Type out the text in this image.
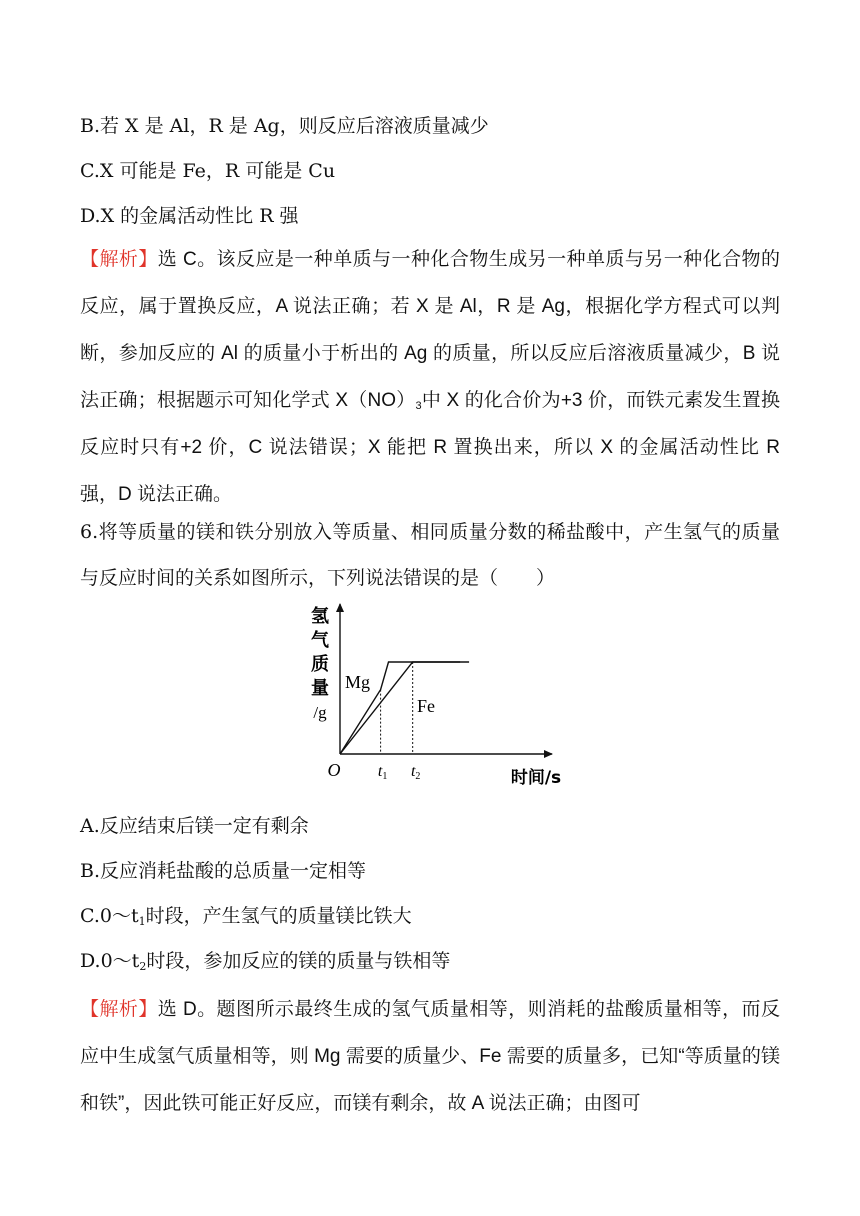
B.若 X 是 Al，R 是 Ag，则反应后溶液质量减少
C.X 可能是 Fe，R 可能是 Cu
D.X 的金属活动性比 R 强
【解析】选 C。该反应是一种单质与一种化合物生成另一种单质与另一种化合物的反应，属于置换反应，A 说法正确；若 X 是 Al，R 是 Ag，根据化学方程式可以判断，参加反应的 Al 的质量小于析出的 Ag 的质量，所以反应后溶液质量减少，B 说法正确；根据题示可知化学式 $X(NO)_3$中 X 的化合价为+3 价，而铁元素发生置换反应时只有+2 价，C 说法错误；X 能把 R 置换出来，所以 X 的金属活动性比 R 强，D 说法正确。
6.将等质量的镁和铁分别放入等质量、相同质量分数的稀盐酸中，产生氢气的质量与反应时间的关系如图所示，下列说法错误的是（　　）
氢
气
质
量
/g
O t1 t2	时间/s
Mg
Fe
A.反应结束后镁一定有剩余
B.反应消耗盐酸的总质量一定相等
$C.0\sim t_1$时段，产生氢气的质量镁比铁大
$D.0\sim t_2$时段，参加反应的镁的质量与铁相等
【解析】选 D。题图所示最终生成的氢气质量相等，则消耗的盐酸质量相等，而反应中生成氢气质量相等，则 Mg 需要的质量少、Fe 需要的质量多，已知“等质量的镁和铁”，因此铁可能正好反应，而镁有剩余，故 A 说法正确；由图可
